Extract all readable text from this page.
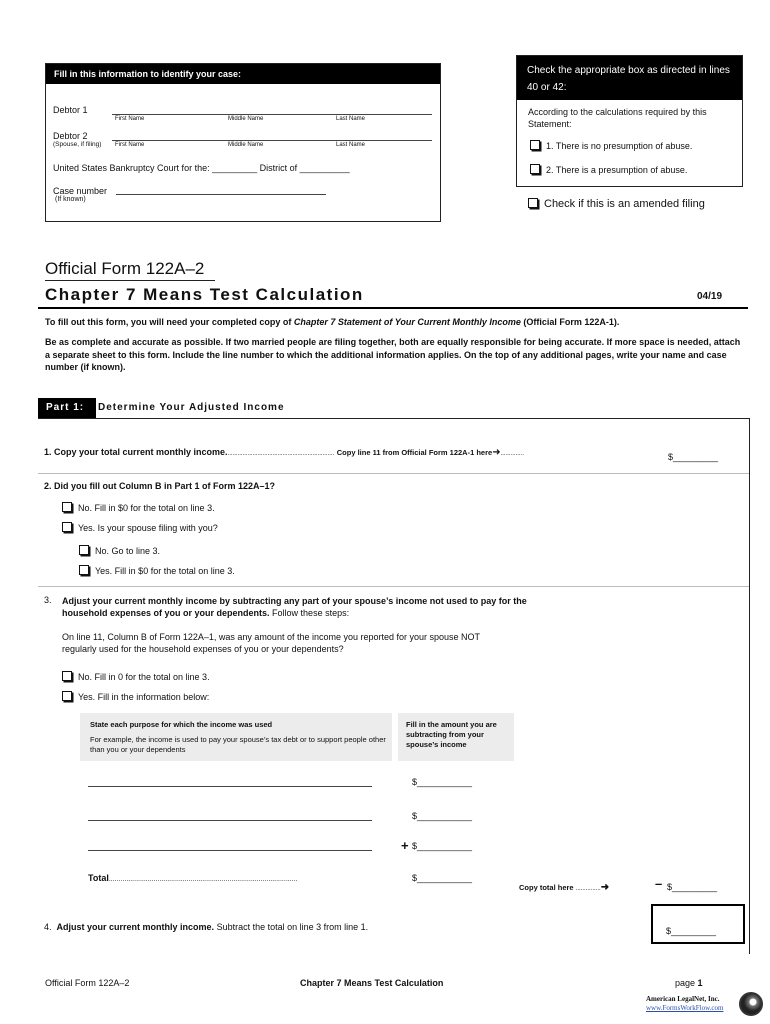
Fill in this information to identify your case:
Debtor 1
First Name	Middle Name	Last Name
Debtor 2
(Spouse, if filing) First Name	Middle Name	Last Name
United States Bankruptcy Court for the: _________ District of __________
Case number
(If known)
Check the appropriate box as directed in lines 40 or 42:
According to the calculations required by this Statement:
1. There is no presumption of abuse.
2. There is a presumption of abuse.
Check if this is an amended filing
Official Form 122A–2
Chapter 7 Means Test Calculation	04/19
To fill out this form, you will need your completed copy of Chapter 7 Statement of Your Current Monthly Income (Official Form 122A-1).
Be as complete and accurate as possible. If two married people are filing together, both are equally responsible for being accurate. If more space is needed, attach a separate sheet to this form. Include the line number to which the additional information applies. On the top of any additional pages, write your name and case number (if known).
Part 1:	Determine Your Adjusted Income
1. Copy your total current monthly income................................................................. Copy line 11 from Official Form 122A-1 here➜..............	$_________
2. Did you fill out Column B in Part 1 of Form 122A–1?
No. Fill in $0 for the total on line 3.
Yes. Is your spouse filing with you?
No. Go to line 3.
Yes. Fill in $0 for the total on line 3.
3. Adjust your current monthly income by subtracting any part of your spouse’s income not used to pay for the
household expenses of you or your dependents. Follow these steps:
On line 11, Column B of Form 122A–1, was any amount of the income you reported for your spouse NOT
regularly used for the household expenses of you or your dependents?
No. Fill in 0 for the total on line 3.
Yes. Fill in the information below:
State each purpose for which the income was used
For example, the income is used to pay your spouse’s tax debt or to support people other than you or your dependents
Fill in the amount you are subtracting from your spouse’s income
$___________
$___________
+ $___________
Total.................................................................................................	$___________
Copy total here ...............➜	– $_________
4. Adjust your current monthly income. Subtract the total on line 3 from line 1.	$_________
Official Form 122A–2	Chapter 7 Means Test Calculation	page 1
American LegalNet, Inc.
www.FormsWorkFlow.com
